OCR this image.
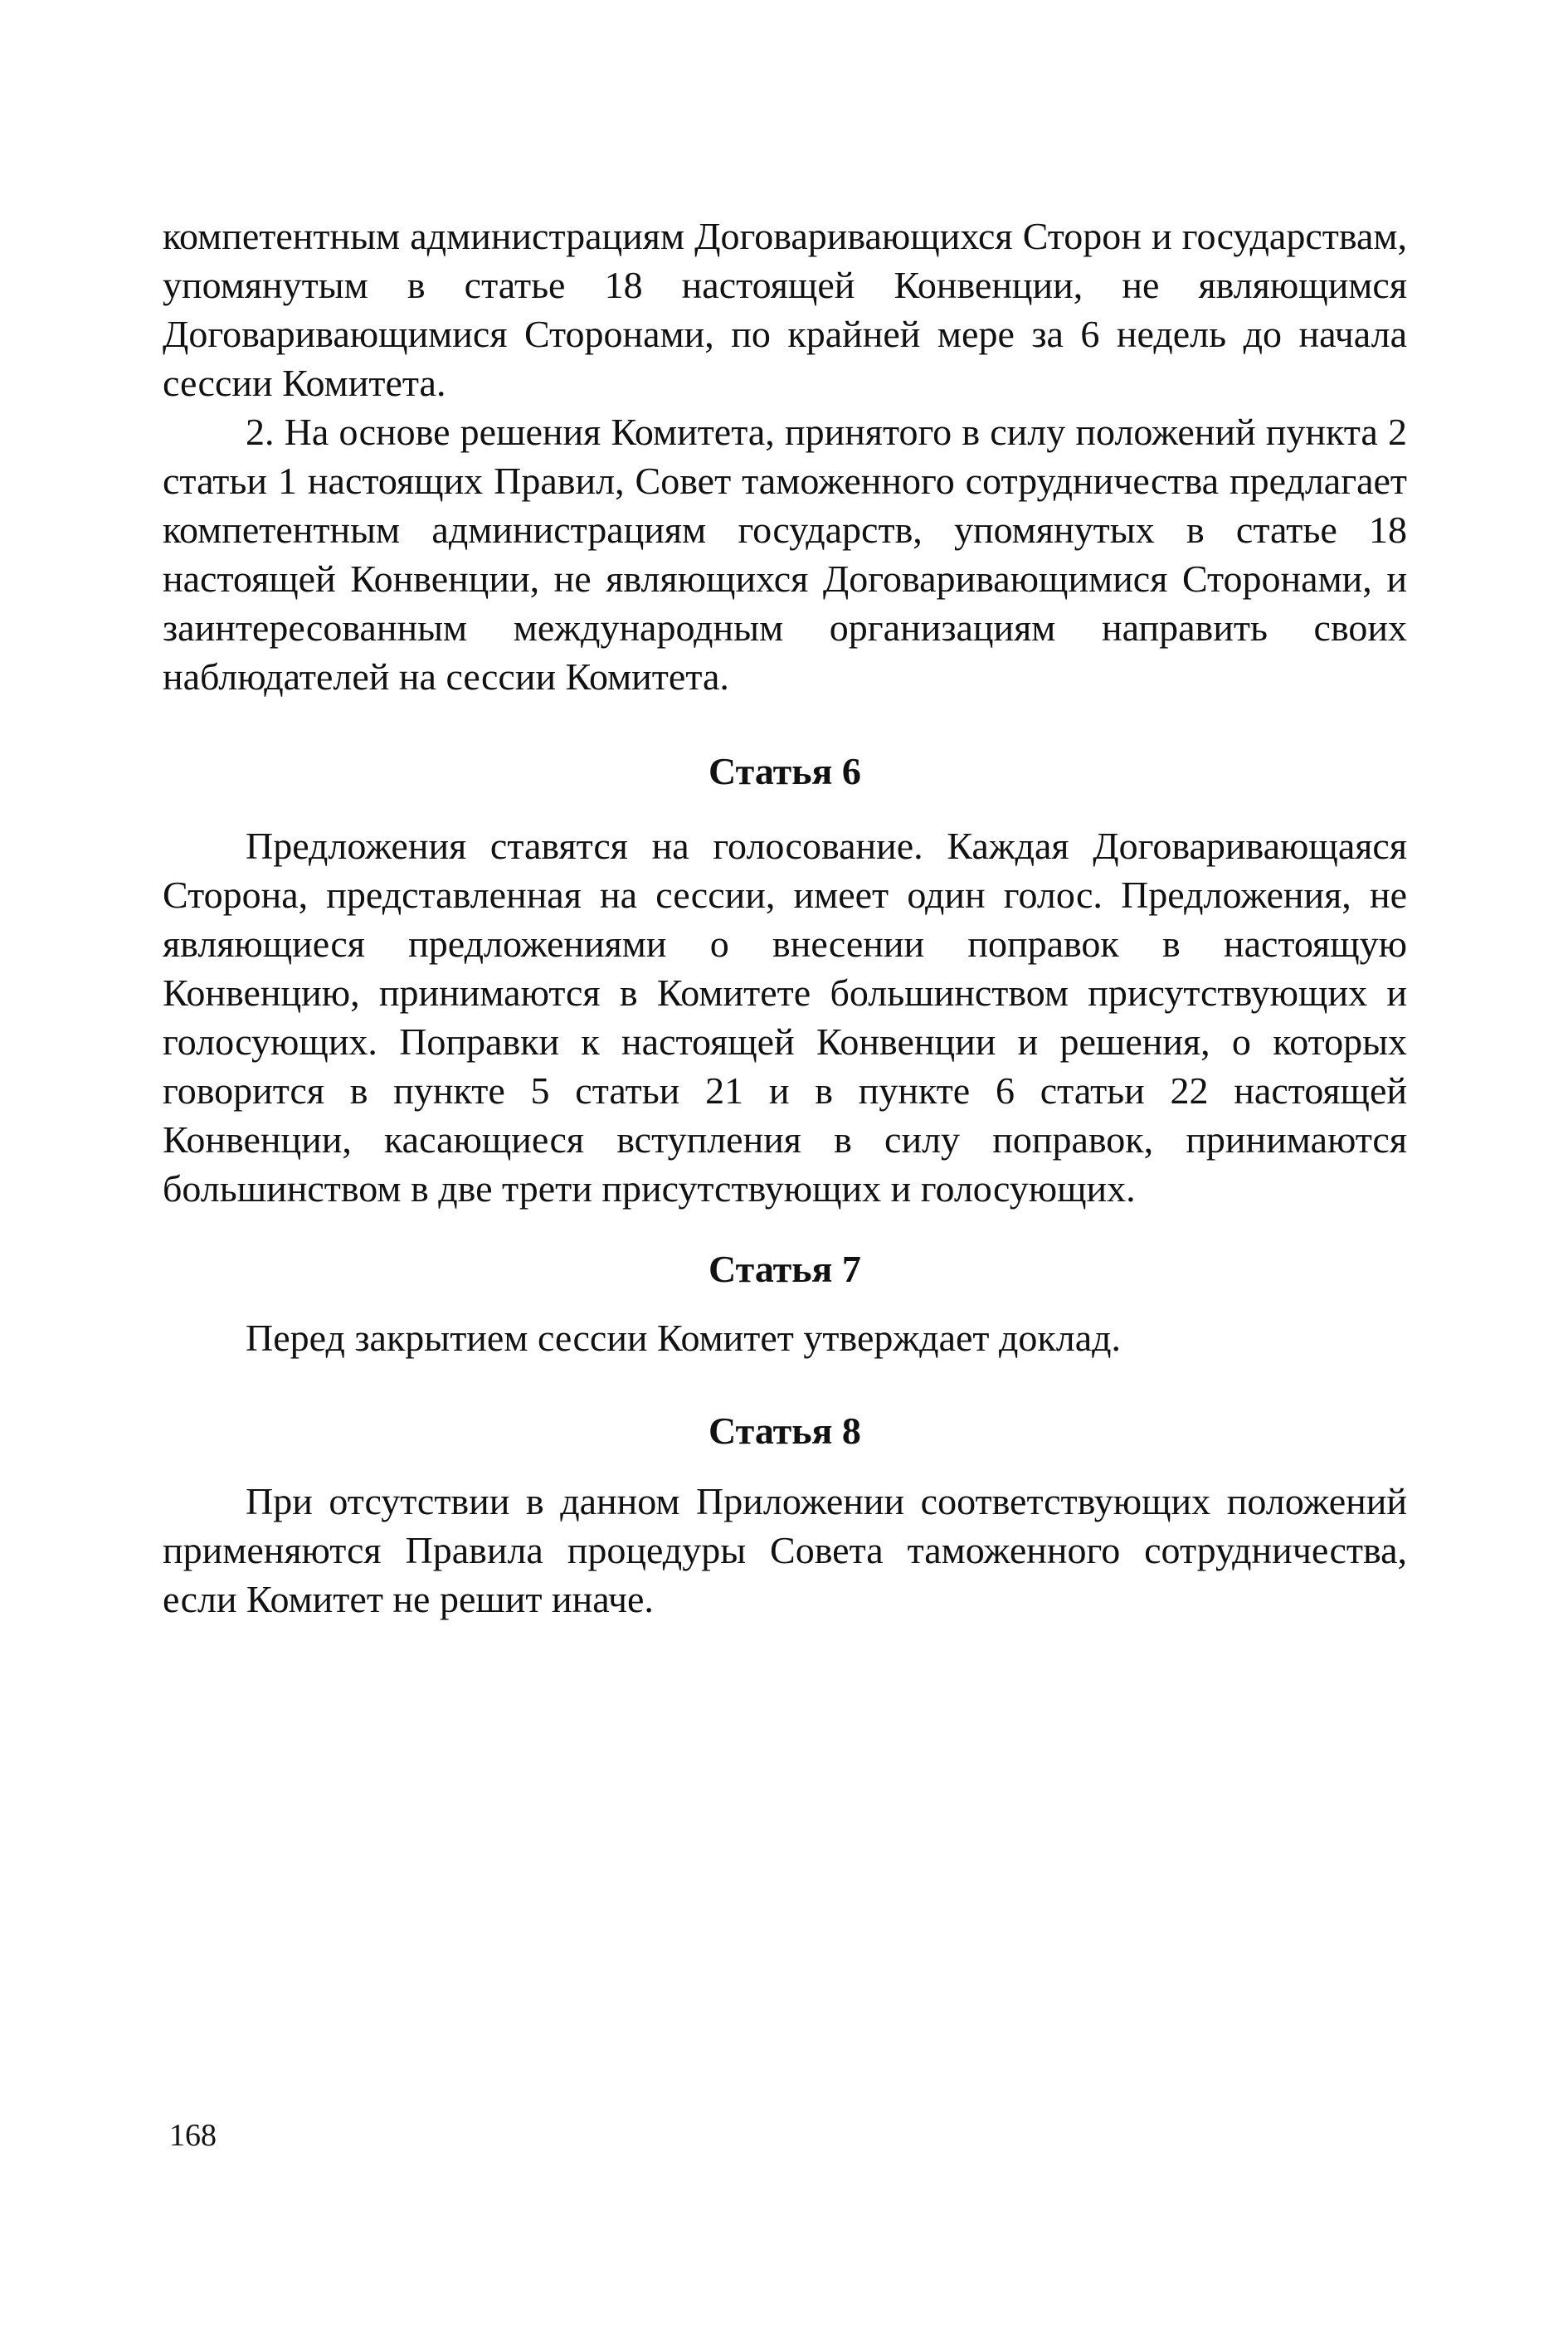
компетентным администрациям Договаривающихся Сторон и государствам, упомянутым в статье 18 настоящей Конвенции, не являющимся Договаривающимися Сторонами, по крайней мере за 6 недель до начала сессии Комитета.

2. На основе решения Комитета, принятого в силу положений пункта 2 статьи 1 настоящих Правил, Совет таможенного сотрудничества предлагает компетентным администрациям государств, упомянутых в статье 18 настоящей Конвенции, не являющихся Договаривающимися Сторонами, и заинтересованным международным организациям направить своих наблюдателей на сессии Комитета.

Статья 6

Предложения ставятся на голосование. Каждая Договаривающаяся Сторона, представленная на сессии, имеет один голос. Предложения, не являющиеся предложениями о внесении поправок в настоящую Конвенцию, принимаются в Комитете большинством присутствующих и голосующих. Поправки к настоящей Конвенции и решения, о которых говорится в пункте 5 статьи 21 и в пункте 6 статьи 22 настоящей Конвенции, касающиеся вступления в силу поправок, принимаются большинством в две трети присутствующих и голосующих.

Статья 7

Перед закрытием сессии Комитет утверждает доклад.

Статья 8

При отсутствии в данном Приложении соответствующих положений применяются Правила процедуры Совета таможенного сотрудничества, если Комитет не решит иначе.

168
